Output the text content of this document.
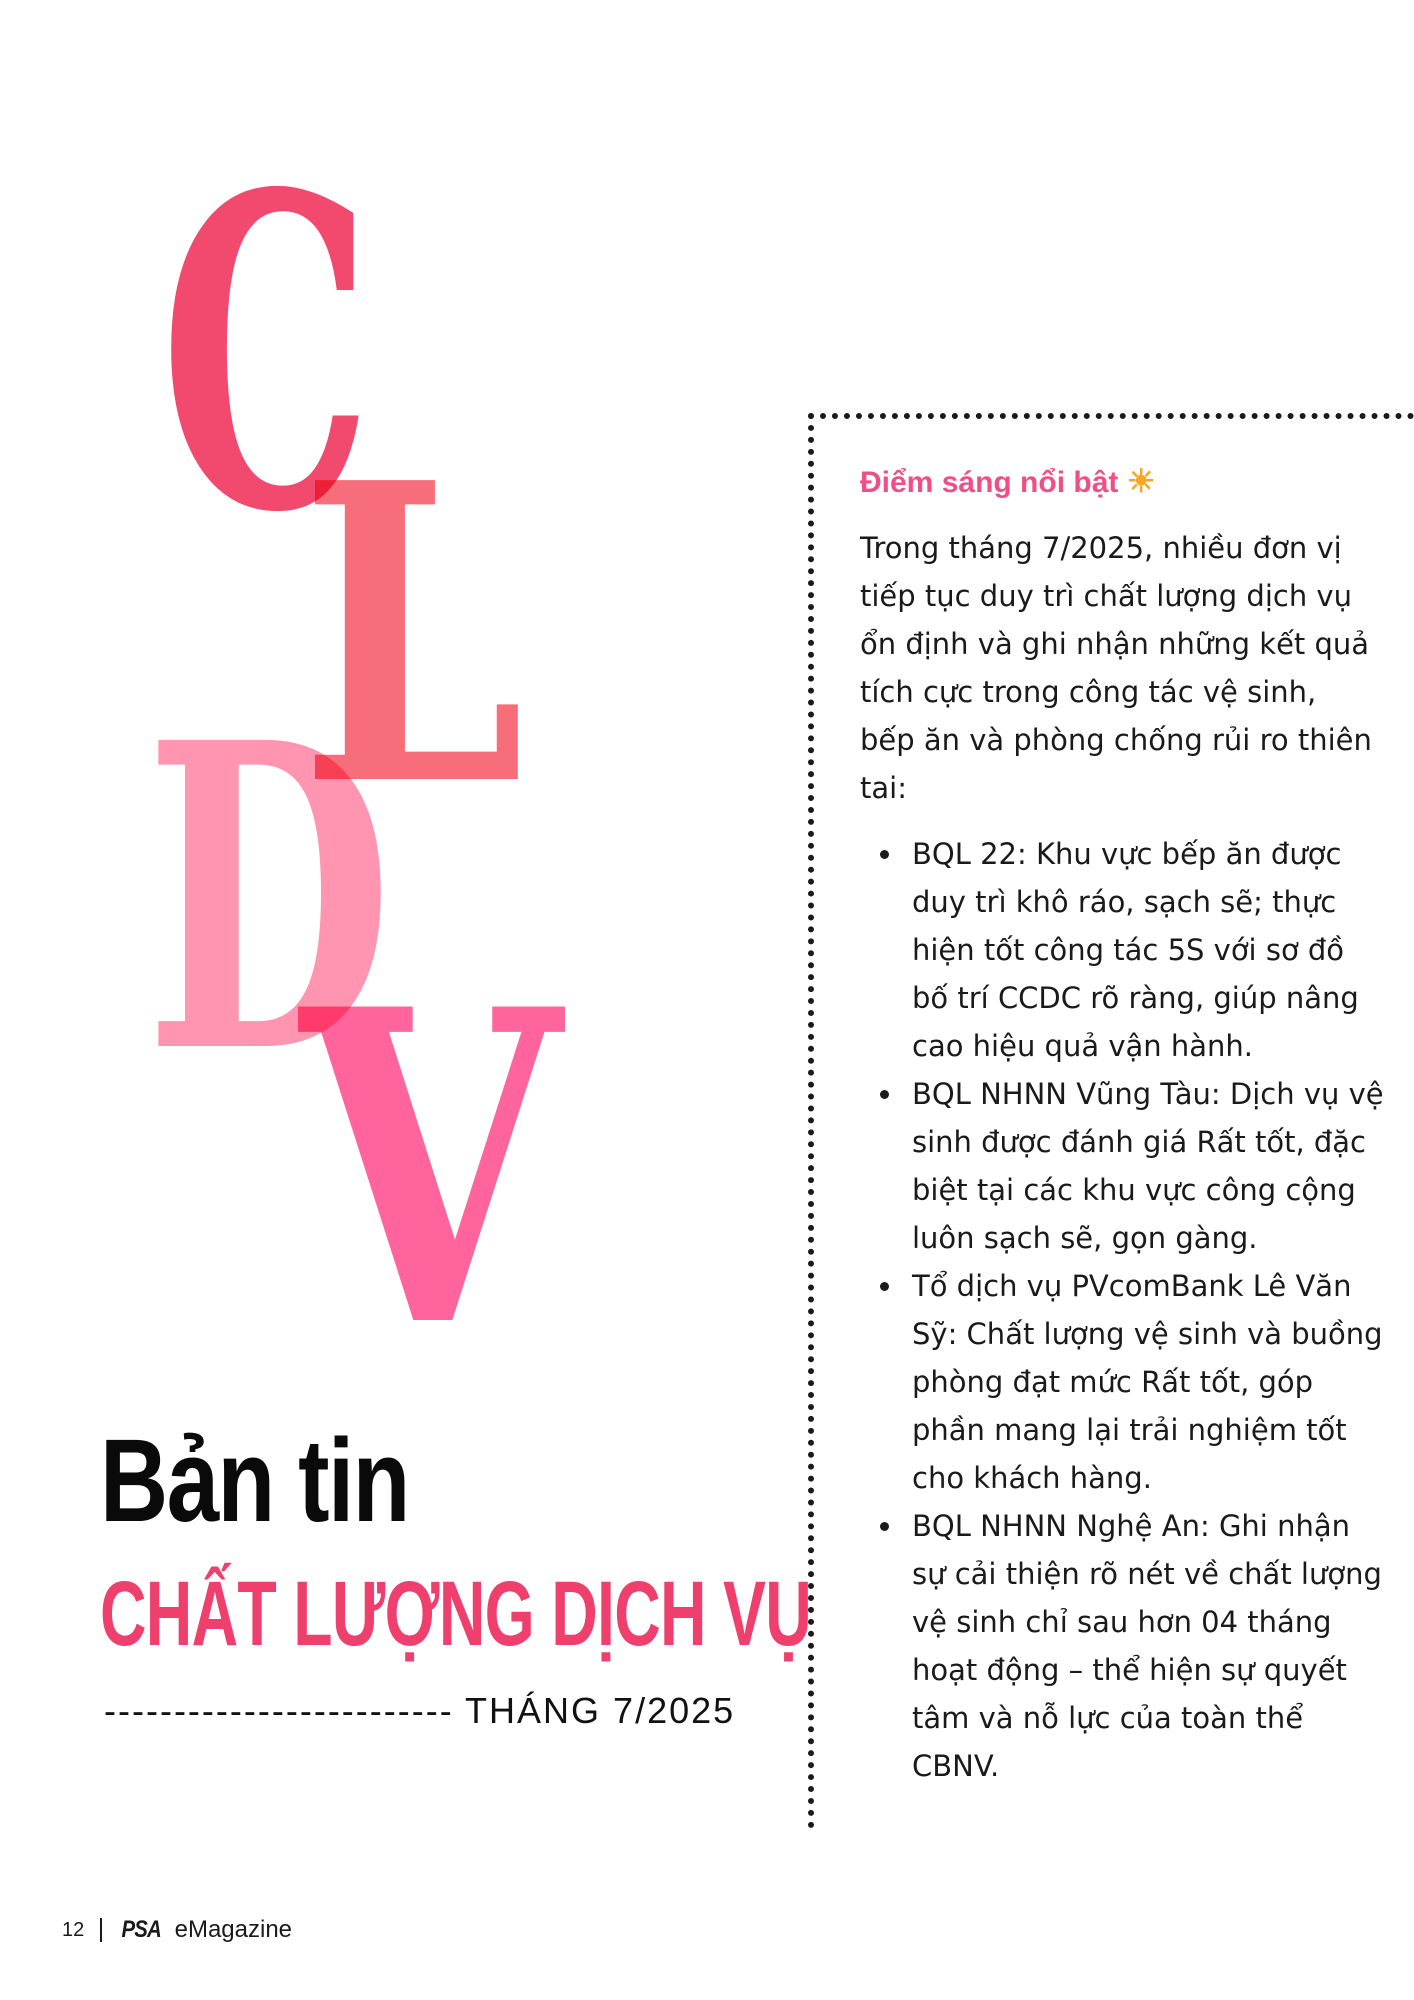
C
L
D
V
Bản tin
CHẤT LƯỢNG DỊCH VỤ
------------------------- THÁNG 7/2025
Điểm sáng nổi bật ☀

Trong tháng 7/2025, nhiều đơn vị tiếp tục duy trì chất lượng dịch vụ ổn định và ghi nhận những kết quả tích cực trong công tác vệ sinh, bếp ăn và phòng chống rủi ro thiên tai:

BQL 22: Khu vực bếp ăn được duy trì khô ráo, sạch sẽ; thực hiện tốt công tác 5S với sơ đồ bố trí CCDC rõ ràng, giúp nâng cao hiệu quả vận hành.
BQL NHNN Vũng Tàu: Dịch vụ vệ sinh được đánh giá Rất tốt, đặc biệt tại các khu vực công cộng luôn sạch sẽ, gọn gàng.
Tổ dịch vụ PVcomBank Lê Văn Sỹ: Chất lượng vệ sinh và buồng phòng đạt mức Rất tốt, góp phần mang lại trải nghiệm tốt cho khách hàng.
BQL NHNN Nghệ An: Ghi nhận sự cải thiện rõ nét về chất lượng vệ sinh chỉ sau hơn 04 tháng hoạt động – thể hiện sự quyết tâm và nỗ lực của toàn thể CBNV.
12 PSA eMagazine
